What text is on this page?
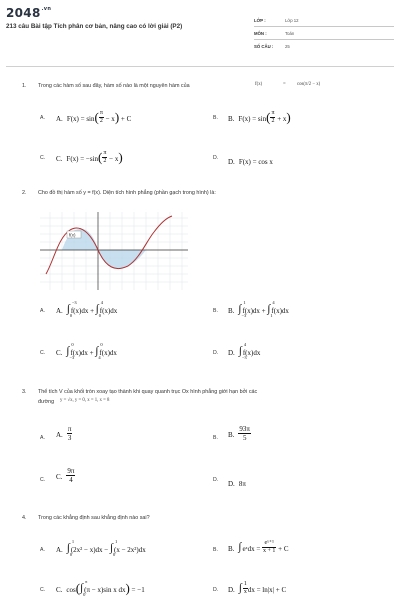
$2048^{.vn}$
213 câu Bài tập Tích phân cơ bản, nâng cao có lời giải (P2)
LỚP :	Lớp 12
MÔN :	Toán
SỐ CÂU :	25
1. Trong các hàm số sau đây, hàm số nào là một nguyên hàm của	f(x)	= cos(π/2 − x)
A. A. $F(x) = \sin( \frac{\pi}{2} - x) + C$	B. B. $F(x) = \sin( \frac{\pi}{2} + x)$
C. C. $F(x) = -\sin( \frac{\pi}{2} - x)$	D. D. F(x) = cos x
2. Cho đồ thị hàm số y = f(x). Diện tích hình phẳng (phần gạch trong hình) là:
f(x)
A. A. ∫
−3
0
f(x)dx + ∫
4
0
f(x)dx	B. B. ∫
1
−3
f(x)dx + ∫
4
1
f(x)dx
C. C. ∫
0
−3
f(x)dx + ∫
0
4
f(x)dx	D. D. ∫
4
−3
f(x)dx
3. Thể tích V của khối tròn xoay tạo thành khi quay quanh trục Ox hình phẳng giới hạn bởi các
đường y = √x, y = 0, x = 1, x = 8
A. A. $\frac{\pi}{3}$	B. B. $\frac{93\pi}{5}$
C. C. $\frac{9\pi}{4}$	D. D. 8π
4. Trong các khẳng định sau khẳng định nào sai?
A. A. ∫
1
0
(2x² − x)dx − ∫
1
0
(x − 2x²)dx	B. B. ∫eˣdx = $\frac{\text{eˣ⁺¹}}{x + 1} + C$
C. C. cos(∫
π
0
(π − x)sin x dx) = −1	D. D. ∫ $\frac{1}{x}$ dx = ln|x| + C
